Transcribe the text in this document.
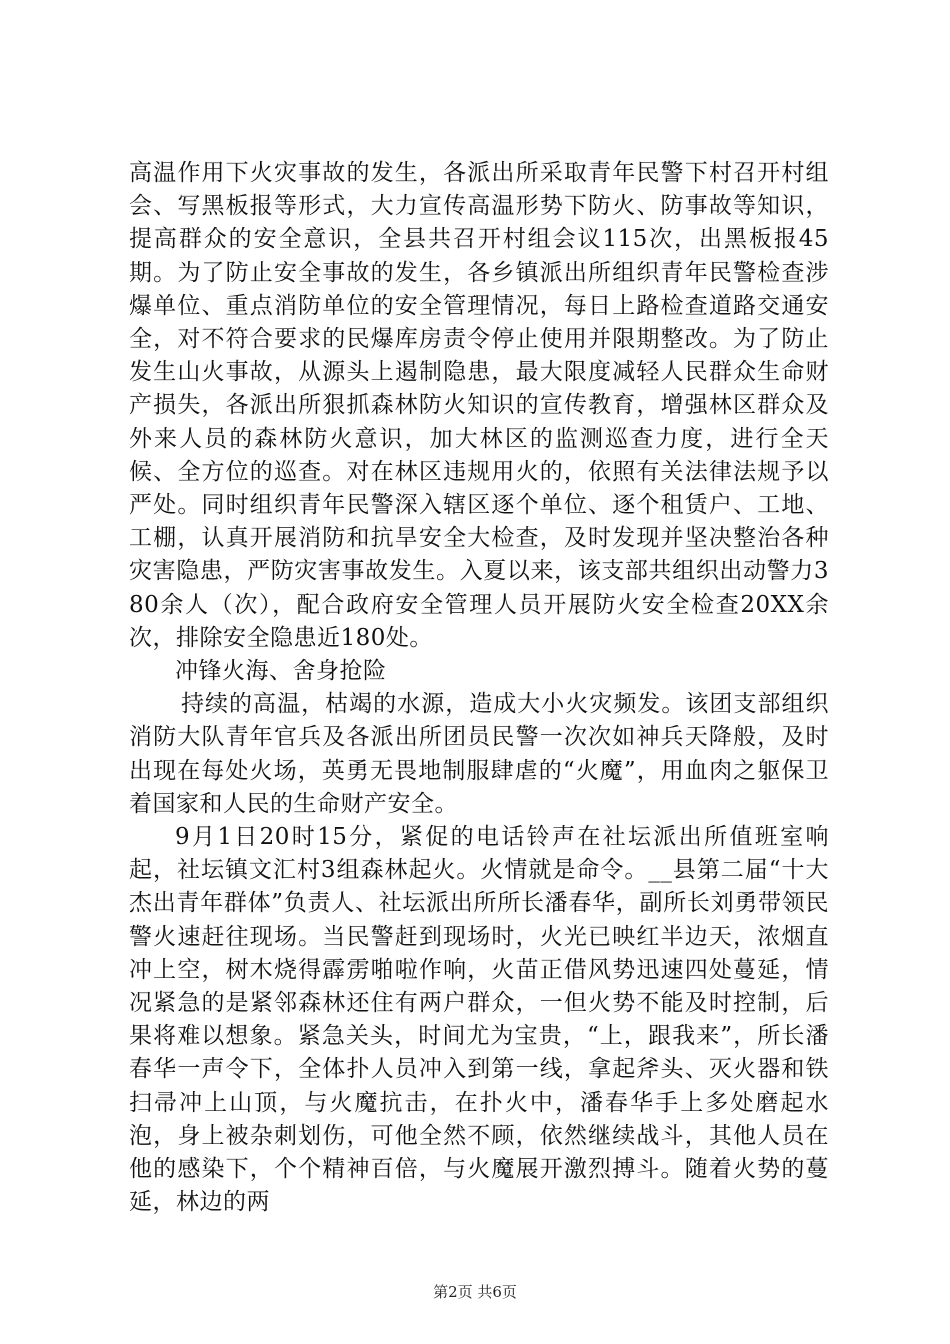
高温作用下火灾事故的发生，各派出所采取青年民警下村召开村组会、写黑板报等形式，大力宣传高温形势下防火、防事故等知识，提高群众的安全意识，全县共召开村组会议115次，出黑板报45期。为了防止安全事故的发生，各乡镇派出所组织青年民警检查涉爆单位、重点消防单位的安全管理情况，每日上路检查道路交通安全，对不符合要求的民爆库房责令停止使用并限期整改。为了防止发生山火事故，从源头上遏制隐患，最大限度减轻人民群众生命财产损失，各派出所狠抓森林防火知识的宣传教育，增强林区群众及外来人员的森林防火意识，加大林区的监测巡查力度，进行全天候、全方位的巡查。对在林区违规用火的，依照有关法律法规予以严处。同时组织青年民警深入辖区逐个单位、逐个租赁户、工地、工棚，认真开展消防和抗旱安全大检查，及时发现并坚决整治各种灾害隐患，严防灾害事故发生。入夏以来，该支部共组织出动警力380余人（次），配合政府安全管理人员开展防火安全检查20XX余次，排除安全隐患近180处。

冲锋火海、舍身抢险

持续的高温，枯竭的水源，造成大小火灾频发。该团支部组织消防大队青年官兵及各派出所团员民警一次次如神兵天降般，及时出现在每处火场，英勇无畏地制服肆虐的“火魔”，用血肉之躯保卫着国家和人民的生命财产安全。

9月1日20时15分，紧促的电话铃声在社坛派出所值班室响起，社坛镇文汇村3组森林起火。火情就是命令。__县第二届“十大杰出青年群体”负责人、社坛派出所所长潘春华，副所长刘勇带领民警火速赶往现场。当民警赶到现场时，火光已映红半边天，浓烟直冲上空，树木烧得霹雳啪啦作响，火苗正借风势迅速四处蔓延，情况紧急的是紧邻森林还住有两户群众，一但火势不能及时控制，后果将难以想象。紧急关头，时间尤为宝贵，“上，跟我来”，所长潘春华一声令下，全体扑人员冲入到第一线，拿起斧头、灭火器和铁扫帚冲上山顶，与火魔抗击，在扑火中，潘春华手上多处磨起水泡，身上被杂刺划伤，可他全然不顾，依然继续战斗，其他人员在他的感染下，个个精神百倍，与火魔展开激烈搏斗。随着火势的蔓延，林边的两

第2页 共6页
